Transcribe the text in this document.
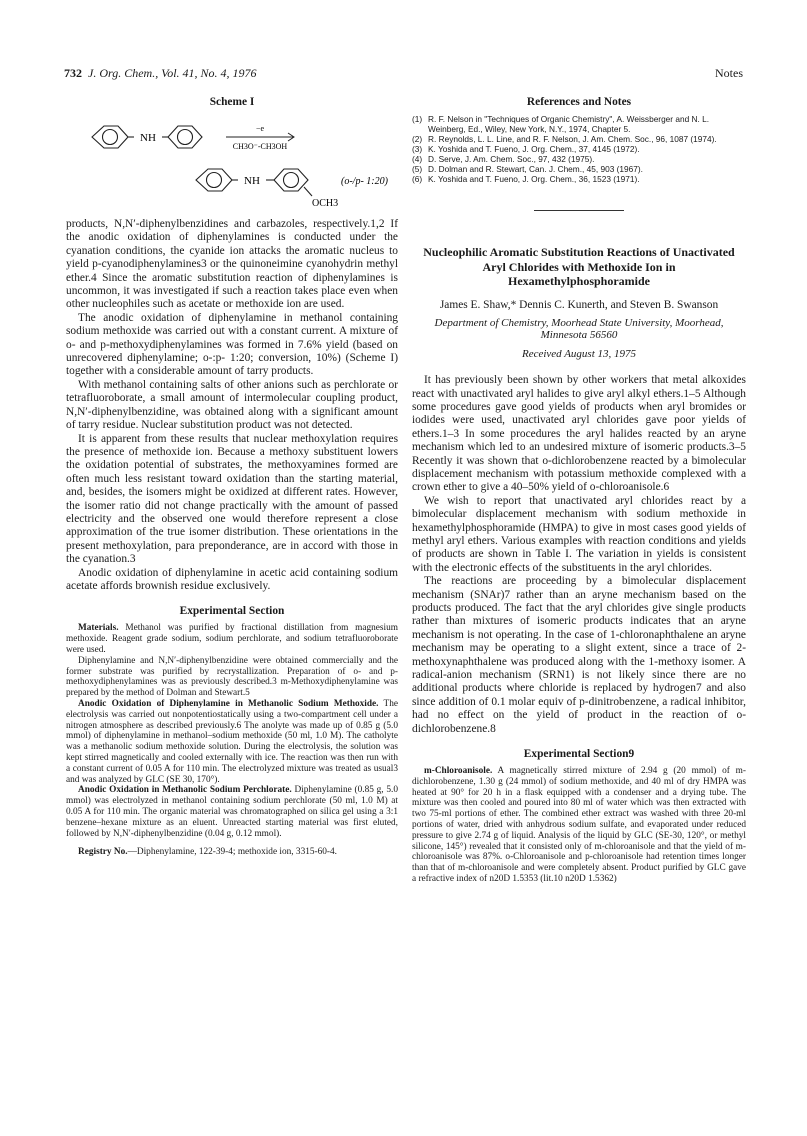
732 J. Org. Chem., Vol. 41, No. 4, 1976	Notes
Scheme I
NH
−e
CH3O⁻-CH3OH
NH
OCH3
(o-/p- 1:20)

products, N,N′-diphenylbenzidines and carbazoles, respectively.1,2 If the anodic oxidation of diphenylamines is conducted under the cyanation conditions, the cyanide ion attacks the aromatic nucleus to yield p-cyanodiphenylamines3 or the quinoneimine cyanohydrin methyl ether.4 Since the aromatic substitution reaction of diphenylamines is uncommon, it was investigated if such a reaction takes place even when other nucleophiles such as acetate or methoxide ion are used.

The anodic oxidation of diphenylamine in methanol containing sodium methoxide was carried out with a constant current. A mixture of o- and p-methoxydiphenylamines was formed in 7.6% yield (based on unrecovered diphenylamine; o-:p- 1:20; conversion, 10%) (Scheme I) together with a considerable amount of tarry products.

With methanol containing salts of other anions such as perchlorate or tetrafluoroborate, a small amount of intermolecular coupling product, N,N′-diphenylbenzidine, was obtained along with a significant amount of tarry residue. Nuclear substitution product was not detected.

It is apparent from these results that nuclear methoxylation requires the presence of methoxide ion. Because a methoxy substituent lowers the oxidation potential of substrates, the methoxyamines formed are often much less resistant toward oxidation than the starting material, and, besides, the isomers might be oxidized at different rates. However, the isomer ratio did not change practically with the amount of passed electricity and the observed one would therefore represent a close approximation of the true isomer distribution. These orientations in the present methoxylation, para preponderance, are in accord with those in the cyanation.3

Anodic oxidation of diphenylamine in acetic acid containing sodium acetate affords brownish residue exclusively.

Experimental Section

Materials. Methanol was purified by fractional distillation from magnesium methoxide. Reagent grade sodium, sodium perchlorate, and sodium tetrafluoroborate were used.

Diphenylamine and N,N′-diphenylbenzidine were obtained commercially and the former substrate was purified by recrystallization. Preparation of o- and p-methoxydiphenylamines was as previously described.3 m-Methoxydiphenylamine was prepared by the method of Dolman and Stewart.5

Anodic Oxidation of Diphenylamine in Methanolic Sodium Methoxide. The electrolysis was carried out nonpotentiostatically using a two-compartment cell under a nitrogen atmosphere as described previously.6 The anolyte was made up of 0.85 g (5.0 mmol) of diphenylamine in methanol–sodium methoxide (50 ml, 1.0 M). The catholyte was a methanolic sodium methoxide solution. During the electrolysis, the solution was kept stirred magnetically and cooled externally with ice. The reaction was then run with a constant current of 0.05 A for 110 min. The electrolyzed mixture was treated as usual3 and was analyzed by GLC (SE 30, 170°).

Anodic Oxidation in Methanolic Sodium Perchlorate. Diphenylamine (0.85 g, 5.0 mmol) was electrolyzed in methanol containing sodium perchlorate (50 ml, 1.0 M) at 0.05 A for 110 min. The organic material was chromatographed on silica gel using a 3:1 benzene–hexane mixture as an eluent. Unreacted starting material was first eluted, followed by N,N′-diphenylbenzidine (0.04 g, 0.12 mmol).

Registry No.—Diphenylamine, 122-39-4; methoxide ion, 3315-60-4.

References and Notes
(1) R. F. Nelson in "Techniques of Organic Chemistry", A. Weissberger and N. L. Weinberg, Ed., Wiley, New York, N.Y., 1974, Chapter 5.
(2) R. Reynolds, L. L. Line, and R. F. Nelson, J. Am. Chem. Soc., 96, 1087 (1974).
(3) K. Yoshida and T. Fueno, J. Org. Chem., 37, 4145 (1972).
(4) D. Serve, J. Am. Chem. Soc., 97, 432 (1975).
(5) D. Dolman and R. Stewart, Can. J. Chem., 45, 903 (1967).
(6) K. Yoshida and T. Fueno, J. Org. Chem., 36, 1523 (1971).
Nucleophilic Aromatic Substitution Reactions of Unactivated Aryl Chlorides with Methoxide Ion in Hexamethylphosphoramide
James E. Shaw,* Dennis C. Kunerth, and Steven B. Swanson
Department of Chemistry, Moorhead State University, Moorhead, Minnesota 56560
Received August 13, 1975

It has previously been shown by other workers that metal alkoxides react with unactivated aryl halides to give aryl alkyl ethers.1–5 Although some procedures gave good yields of products when aryl bromides or iodides were used, unactivated aryl chlorides gave poor yields of ethers.1–3 In some procedures the aryl halides reacted by an aryne mechanism which led to an undesired mixture of isomeric products.3–5 Recently it was shown that o-dichlorobenzene reacted by a bimolecular displacement mechanism with potassium methoxide complexed with a crown ether to give a 40–50% yield of o-chloroanisole.6

We wish to report that unactivated aryl chlorides react by a bimolecular displacement mechanism with sodium methoxide in hexamethylphosphoramide (HMPA) to give in most cases good yields of methyl aryl ethers. Various examples with reaction conditions and yields of products are shown in Table I. The variation in yields is consistent with the electronic effects of the substituents in the aryl chlorides.

The reactions are proceeding by a bimolecular displacement mechanism (SNAr)7 rather than an aryne mechanism based on the products produced. The fact that the aryl chlorides give single products rather than mixtures of isomeric products indicates that an aryne mechanism is not operating. In the case of 1-chloronaphthalene an aryne mechanism may be operating to a slight extent, since a trace of 2-methoxynaphthalene was produced along with the 1-methoxy isomer. A radical-anion mechanism (SRN1) is not likely since there are no additional products where chloride is replaced by hydrogen7 and also since addition of 0.1 molar equiv of p-dinitrobenzene, a radical inhibitor, had no effect on the yield of product in the reaction of o-dichlorobenzene.8

Experimental Section9

m-Chloroanisole. A magnetically stirred mixture of 2.94 g (20 mmol) of m-dichlorobenzene, 1.30 g (24 mmol) of sodium methoxide, and 40 ml of dry HMPA was heated at 90° for 20 h in a flask equipped with a condenser and a drying tube. The mixture was then cooled and poured into 80 ml of water which was then extracted with two 75-ml portions of ether. The combined ether extract was washed with three 20-ml portions of water, dried with anhydrous sodium sulfate, and evaporated under reduced pressure to give 2.74 g of liquid. Analysis of the liquid by GLC (SE-30, 120°, or methyl silicone, 145°) revealed that it consisted only of m-chloroanisole and that the yield of m-chloroanisole was 87%. o-Chloroanisole and p-chloroanisole had retention times longer than that of m-chloroanisole and were completely absent. Product purified by GLC gave a refractive index of n20D 1.5353 (lit.10 n20D 1.5362)
